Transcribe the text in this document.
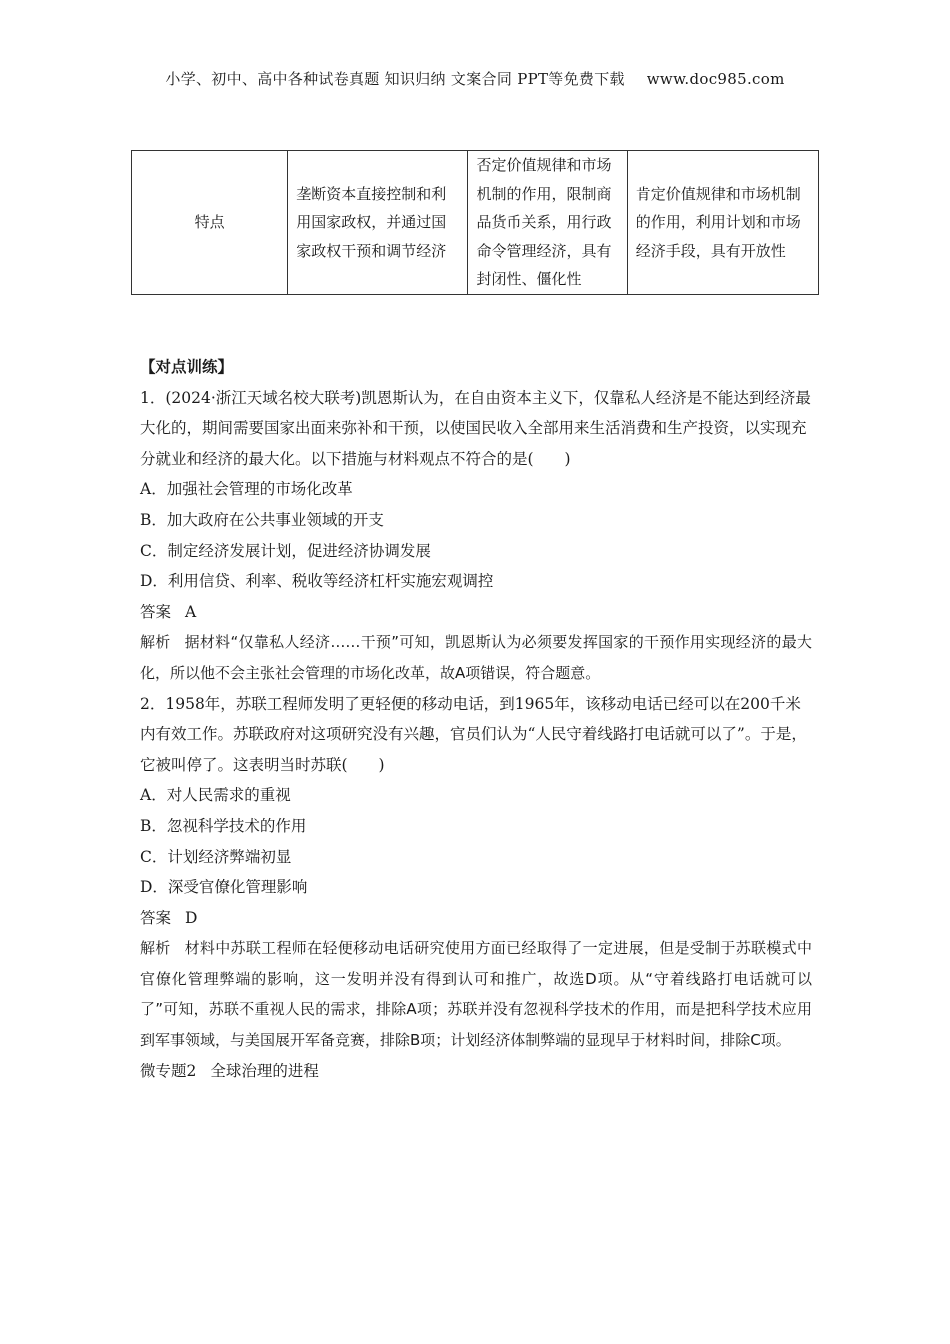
小学、初中、高中各种试卷真题 知识归纳 文案合同 PPT等免费下载 www.doc985.com
特点	垄断资本直接控制和利用国家政权，并通过国家政权干预和调节经济	否定价值规律和市场机制的作用，限制商品货币关系，用行政命令管理经济，具有封闭性、僵化性	肯定价值规律和市场机制的作用，利用计划和市场经济手段，具有开放性

【对点训练】

1．(2024·浙江天域名校大联考)凯恩斯认为，在自由资本主义下，仅靠私人经济是不能达到经济最大化的，期间需要国家出面来弥补和干预，以使国民收入全部用来生活消费和生产投资，以实现充分就业和经济的最大化。以下措施与材料观点不符合的是(　　)

A．加强社会管理的市场化改革

B．加大政府在公共事业领域的开支

C．制定经济发展计划，促进经济协调发展

D．利用信贷、利率、税收等经济杠杆实施宏观调控

答案 A

解析 据材料“仅靠私人经济……干预”可知，凯恩斯认为必须要发挥国家的干预作用实现经济的最大化，所以他不会主张社会管理的市场化改革，故A项错误，符合题意。

2．1958年，苏联工程师发明了更轻便的移动电话，到1965年，该移动电话已经可以在200千米内有效工作。苏联政府对这项研究没有兴趣，官员们认为“人民守着线路打电话就可以了”。于是，它被叫停了。这表明当时苏联(　　)

A．对人民需求的重视

B．忽视科学技术的作用

C．计划经济弊端初显

D．深受官僚化管理影响

答案 D

解析 材料中苏联工程师在轻便移动电话研究使用方面已经取得了一定进展，但是受制于苏联模式中官僚化管理弊端的影响，这一发明并没有得到认可和推广，故选D项。从“守着线路打电话就可以了”可知，苏联不重视人民的需求，排除A项；苏联并没有忽视科学技术的作用，而是把科学技术应用到军事领域，与美国展开军备竞赛，排除B项；计划经济体制弊端的显现早于材料时间，排除C项。

微专题2 全球治理的进程
